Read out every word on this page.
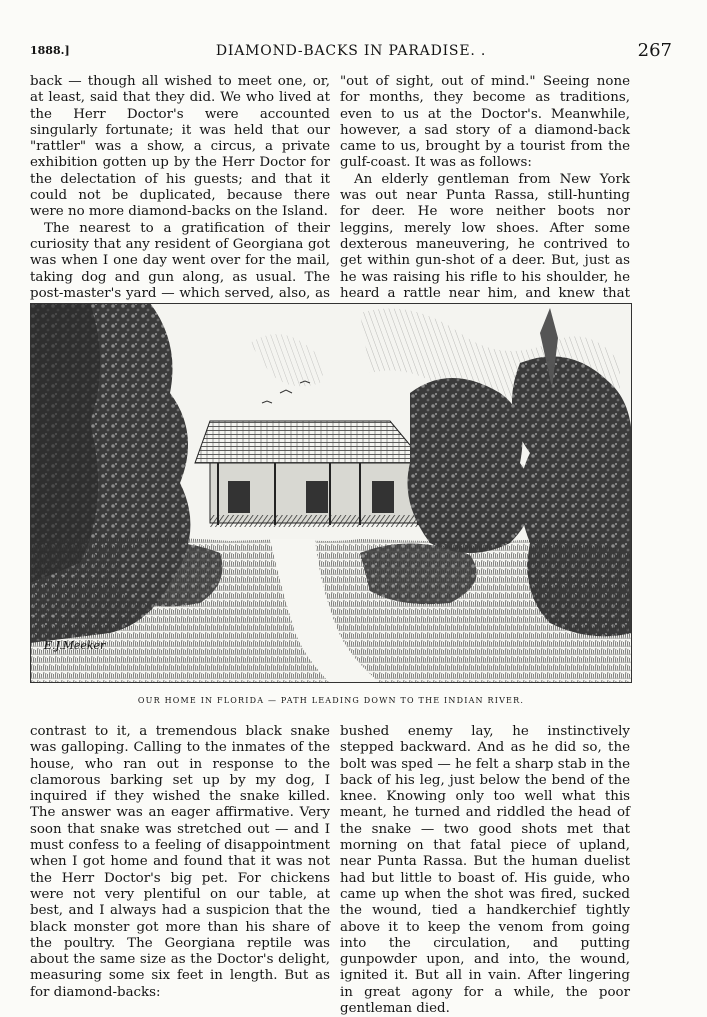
1888.]	DIAMOND-BACKS IN PARADISE. .	267

back — though all wished to meet one, or, at least, said that they did. We who lived at the Herr Doctor's were accounted singularly fortunate; it was held that our "rattler" was a show, a circus, a private exhibition gotten up by the Herr Doctor for the delectation of his guests; and that it could not be duplicated, because there were no more diamond-backs on the Island.

The nearest to a gratification of their curiosity that any resident of Georgiana got was when I one day went over for the mail, taking dog and gun along, as usual. The post-master's yard — which served, also, as

"out of sight, out of mind." Seeing none for months, they become as traditions, even to us at the Doctor's. Meanwhile, however, a sad story of a diamond-back came to us, brought by a tourist from the gulf-coast. It was as follows:

An elderly gentleman from New York was out near Punta Rassa, still-hunting for deer. He wore neither boots nor leggins, merely low shoes. After some dexterous maneuvering, he contrived to get within gun-shot of a deer. But, just as he was raising his rifle to his shoulder, he heard a rattle near him, and knew that

E.J.Meeker
OUR HOME IN FLORIDA — PATH LEADING DOWN TO THE INDIAN RIVER.

contrast to it, a tremendous black snake was galloping. Calling to the inmates of the house, who ran out in response to the clamorous barking set up by my dog, I inquired if they wished the snake killed. The answer was an eager affirmative. Very soon that snake was stretched out — and I must confess to a feeling of disappointment when I got home and found that it was not the Herr Doctor's big pet. For chickens were not very plentiful on our table, at best, and I always had a suspicion that the black monster got more than his share of the poultry. The Georgiana reptile was about the same size as the Doctor's delight, measuring some six feet in length. But as for diamond-backs:

bushed enemy lay, he instinctively stepped backward. And as he did so, the bolt was sped — he felt a sharp stab in the back of his leg, just below the bend of the knee. Knowing only too well what this meant, he turned and riddled the head of the snake — two good shots met that morning on that fatal piece of upland, near Punta Rassa. But the human duelist had but little to boast of. His guide, who came up when the shot was fired, sucked the wound, tied a handkerchief tightly above it to keep the venom from going into the circulation, and putting gunpowder upon, and into, the wound, ignited it. But all in vain. After lingering in great agony for a while, the poor gentleman died.
